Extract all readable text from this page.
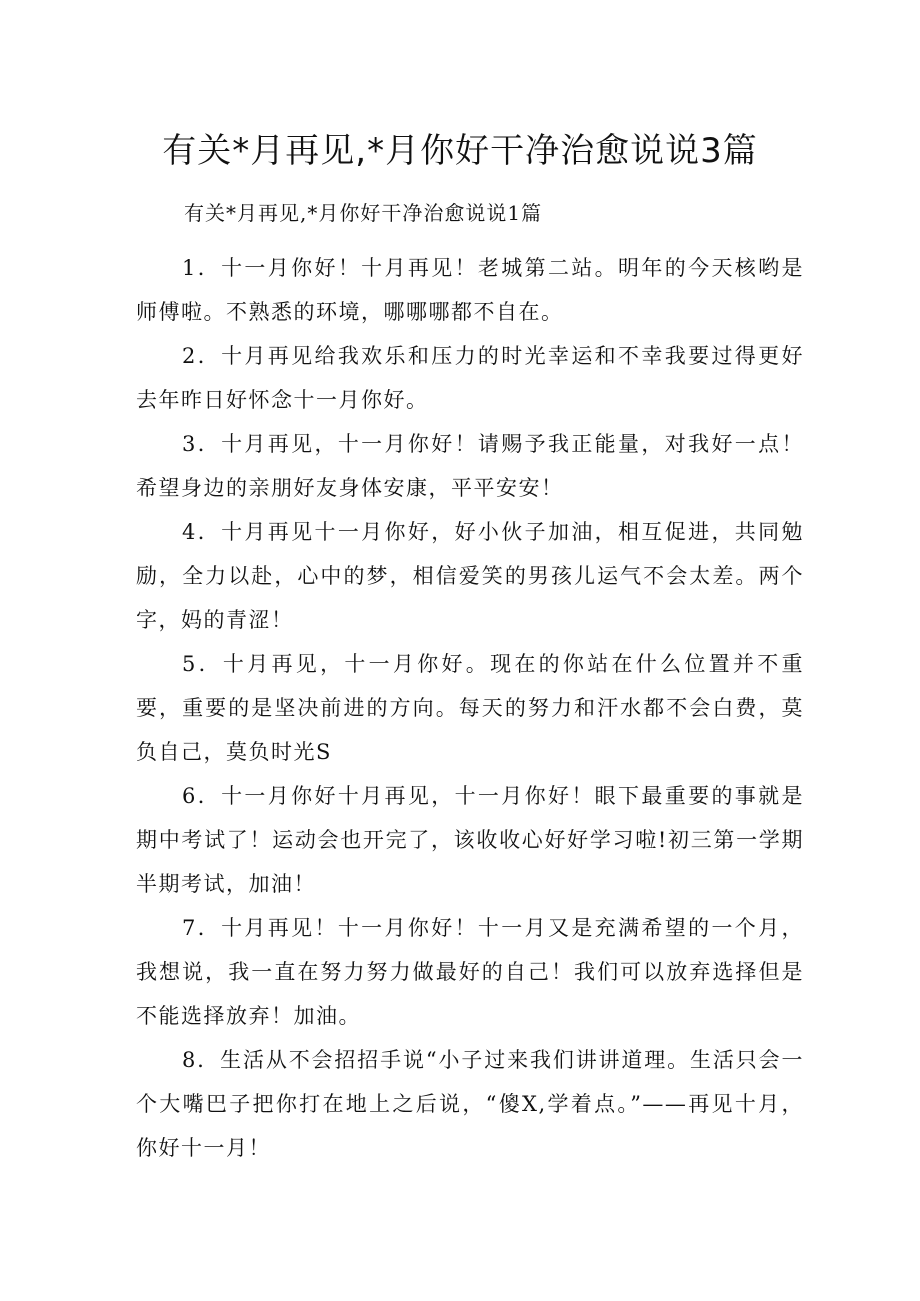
有关*月再见,*月你好干净治愈说说3篇
有关*月再见,*月你好干净治愈说说1篇

1．十一月你好！十月再见！老城第二站。明年的今天核哟是师傅啦。不熟悉的环境，哪哪哪都不自在。

2．十月再见给我欢乐和压力的时光幸运和不幸我要过得更好去年昨日好怀念十一月你好。

3．十月再见，十一月你好！请赐予我正能量，对我好一点！希望身边的亲朋好友身体安康，平平安安！

4．十月再见十一月你好，好小伙子加油，相互促进，共同勉励，全力以赴，心中的梦，相信爱笑的男孩儿运气不会太差。两个字，妈的青涩！

5．十月再见，十一月你好。现在的你站在什么位置并不重要，重要的是坚决前进的方向。每天的努力和汗水都不会白费，莫负自己，莫负时光S

6．十一月你好十月再见，十一月你好！眼下最重要的事就是期中考试了！运动会也开完了，该收收心好好学习啦!初三第一学期半期考试，加油！

7．十月再见！十一月你好！十一月又是充满希望的一个月，我想说，我一直在努力努力做最好的自己！我们可以放弃选择但是不能选择放弃！加油。

8．生活从不会招招手说“小子过来我们讲讲道理。生活只会一个大嘴巴子把你打在地上之后说，“傻X,学着点。”——再见十月，你好十一月！
